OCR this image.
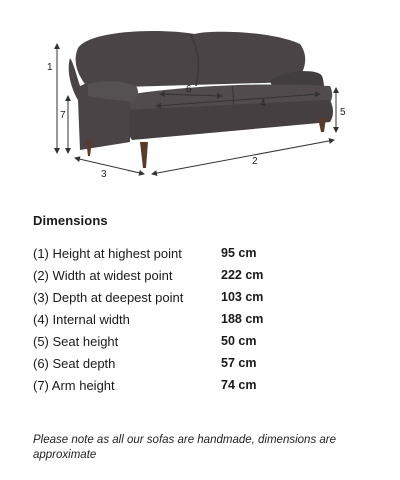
1
7
3
2
5
4
6
Dimensions
(1) Height at highest point	95 cm
(2) Width at widest point	222 cm
(3) Depth at deepest point	103 cm
(4) Internal width	188 cm
(5) Seat height	50 cm
(6) Seat depth	57 cm
(7) Arm height	74 cm
Please note as all our sofas are handmade, dimensions are approximate
